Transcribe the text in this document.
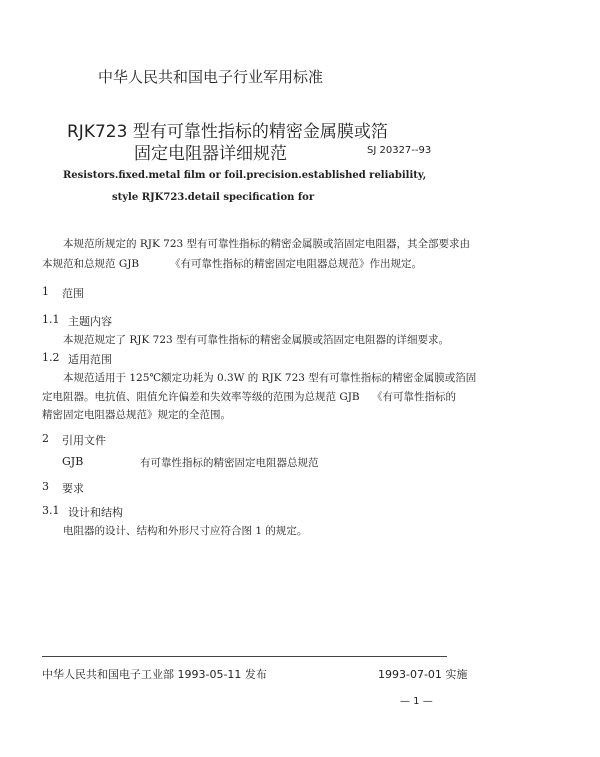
中华人民共和国电子行业军用标准
RJK723 型有可靠性指标的精密金属膜或箔
固定电阻器详细规范	SJ 20327--93
Resistors.fixed.metal film or foil.precision.established reliability,
style RJK723.detail specification for
本规范所规定的 RJK 723 型有可靠性指标的精密金属膜或箔固定电阻器，其全部要求由
本规范和总规范 GJB	《有可靠性指标的精密固定电阻器总规范》作出规定。
1 范围
1.1 主题内容
本规范规定了 RJK 723 型有可靠性指标的精密金属膜或箔固定电阻器的详细要求。
1.2 适用范围
本规范适用于 125℃额定功耗为 0.3W 的 RJK 723 型有可靠性指标的精密金属膜或箔固
定电阻器。电抗值、阻值允许偏差和失效率等级的范围为总规范 GJB 《有可靠性指标的
精密固定电阻器总规范》规定的全范围。
2 引用文件
GJB	有可靠性指标的精密固定电阻器总规范
3 要求
3.1 设计和结构
电阻器的设计、结构和外形尺寸应符合图 1 的规定。
中华人民共和国电子工业部 1993-05-11 发布	1993-07-01 实施
— 1 —
